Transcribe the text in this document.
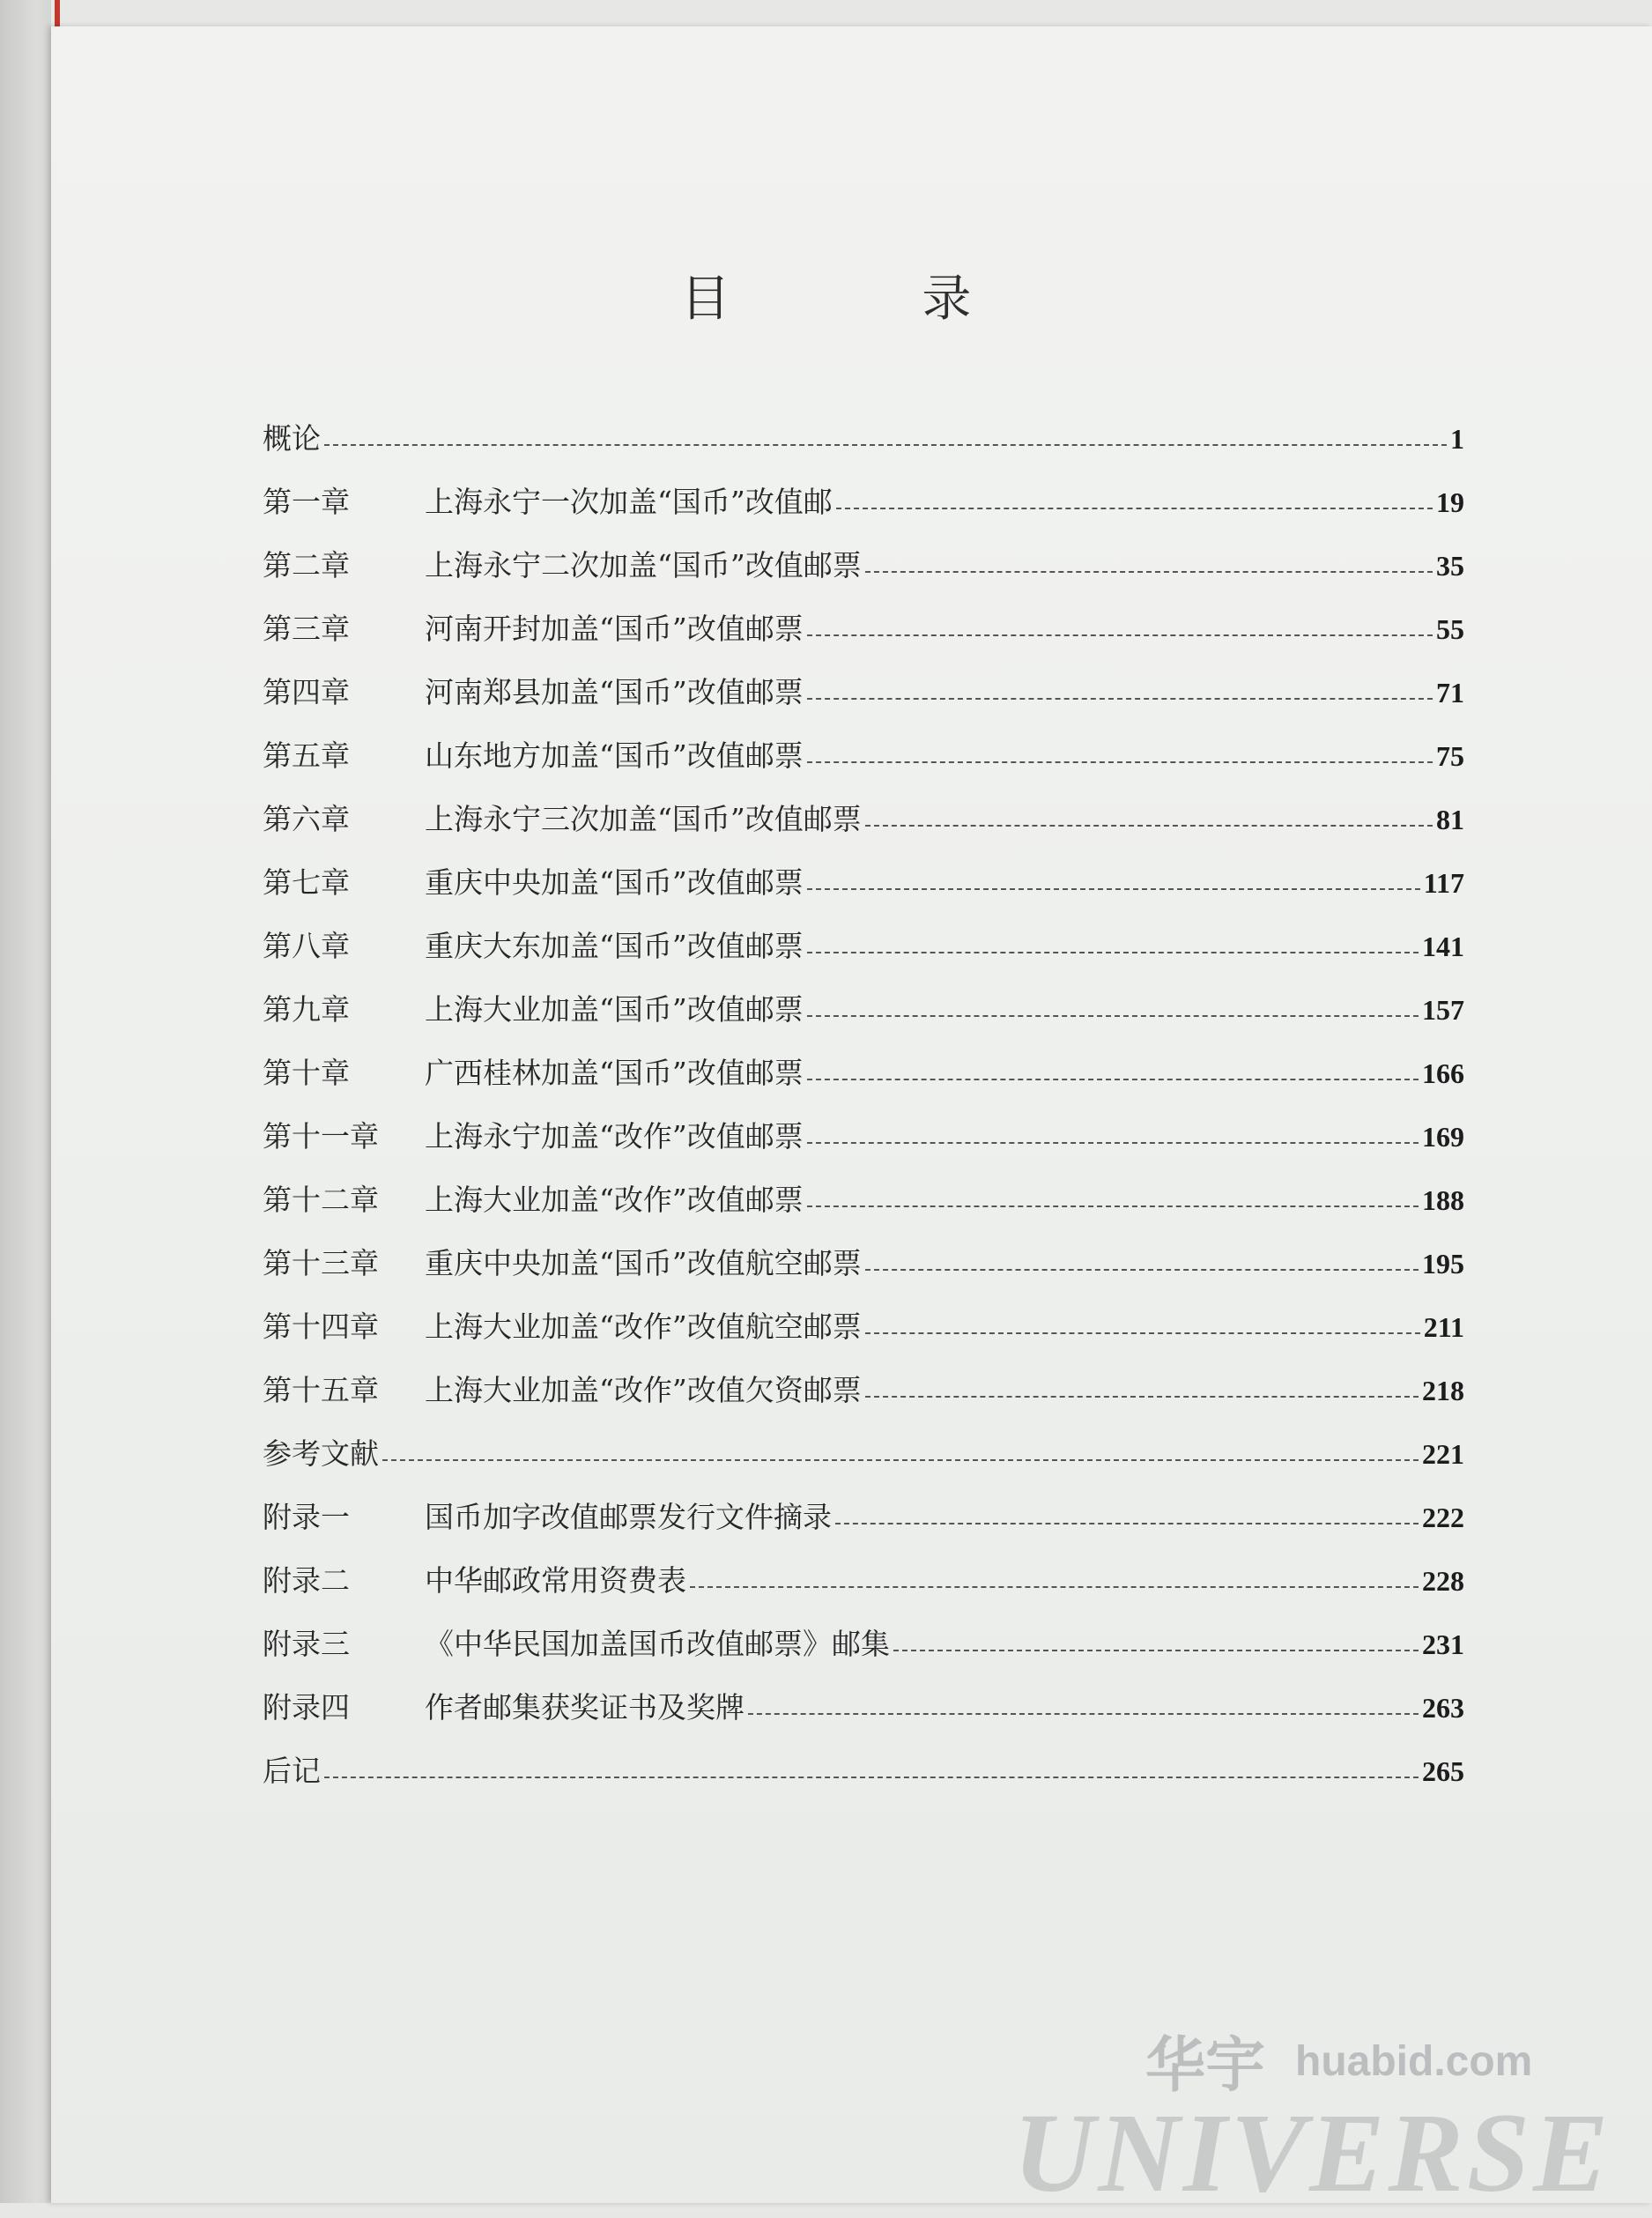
目 录
概论	1
第一章	上海永宁一次加盖“国币”改值邮	19
第二章	上海永宁二次加盖“国币”改值邮票	35
第三章	河南开封加盖“国币”改值邮票	55
第四章	河南郑县加盖“国币”改值邮票	71
第五章	山东地方加盖“国币”改值邮票	75
第六章	上海永宁三次加盖“国币”改值邮票	81
第七章	重庆中央加盖“国币”改值邮票	117
第八章	重庆大东加盖“国币”改值邮票	141
第九章	上海大业加盖“国币”改值邮票	157
第十章	广西桂林加盖“国币”改值邮票	166
第十一章	上海永宁加盖“改作”改值邮票	169
第十二章	上海大业加盖“改作”改值邮票	188
第十三章	重庆中央加盖“国币”改值航空邮票	195
第十四章	上海大业加盖“改作”改值航空邮票	211
第十五章	上海大业加盖“改作”改值欠资邮票	218
参考文献	221
附录一	国币加字改值邮票发行文件摘录	222
附录二	中华邮政常用资费表	228
附录三	《中华民国加盖国币改值邮票》邮集	231
附录四	作者邮集获奖证书及奖牌	263
后记	265
华宇 huabid.com
UNIVERSE
